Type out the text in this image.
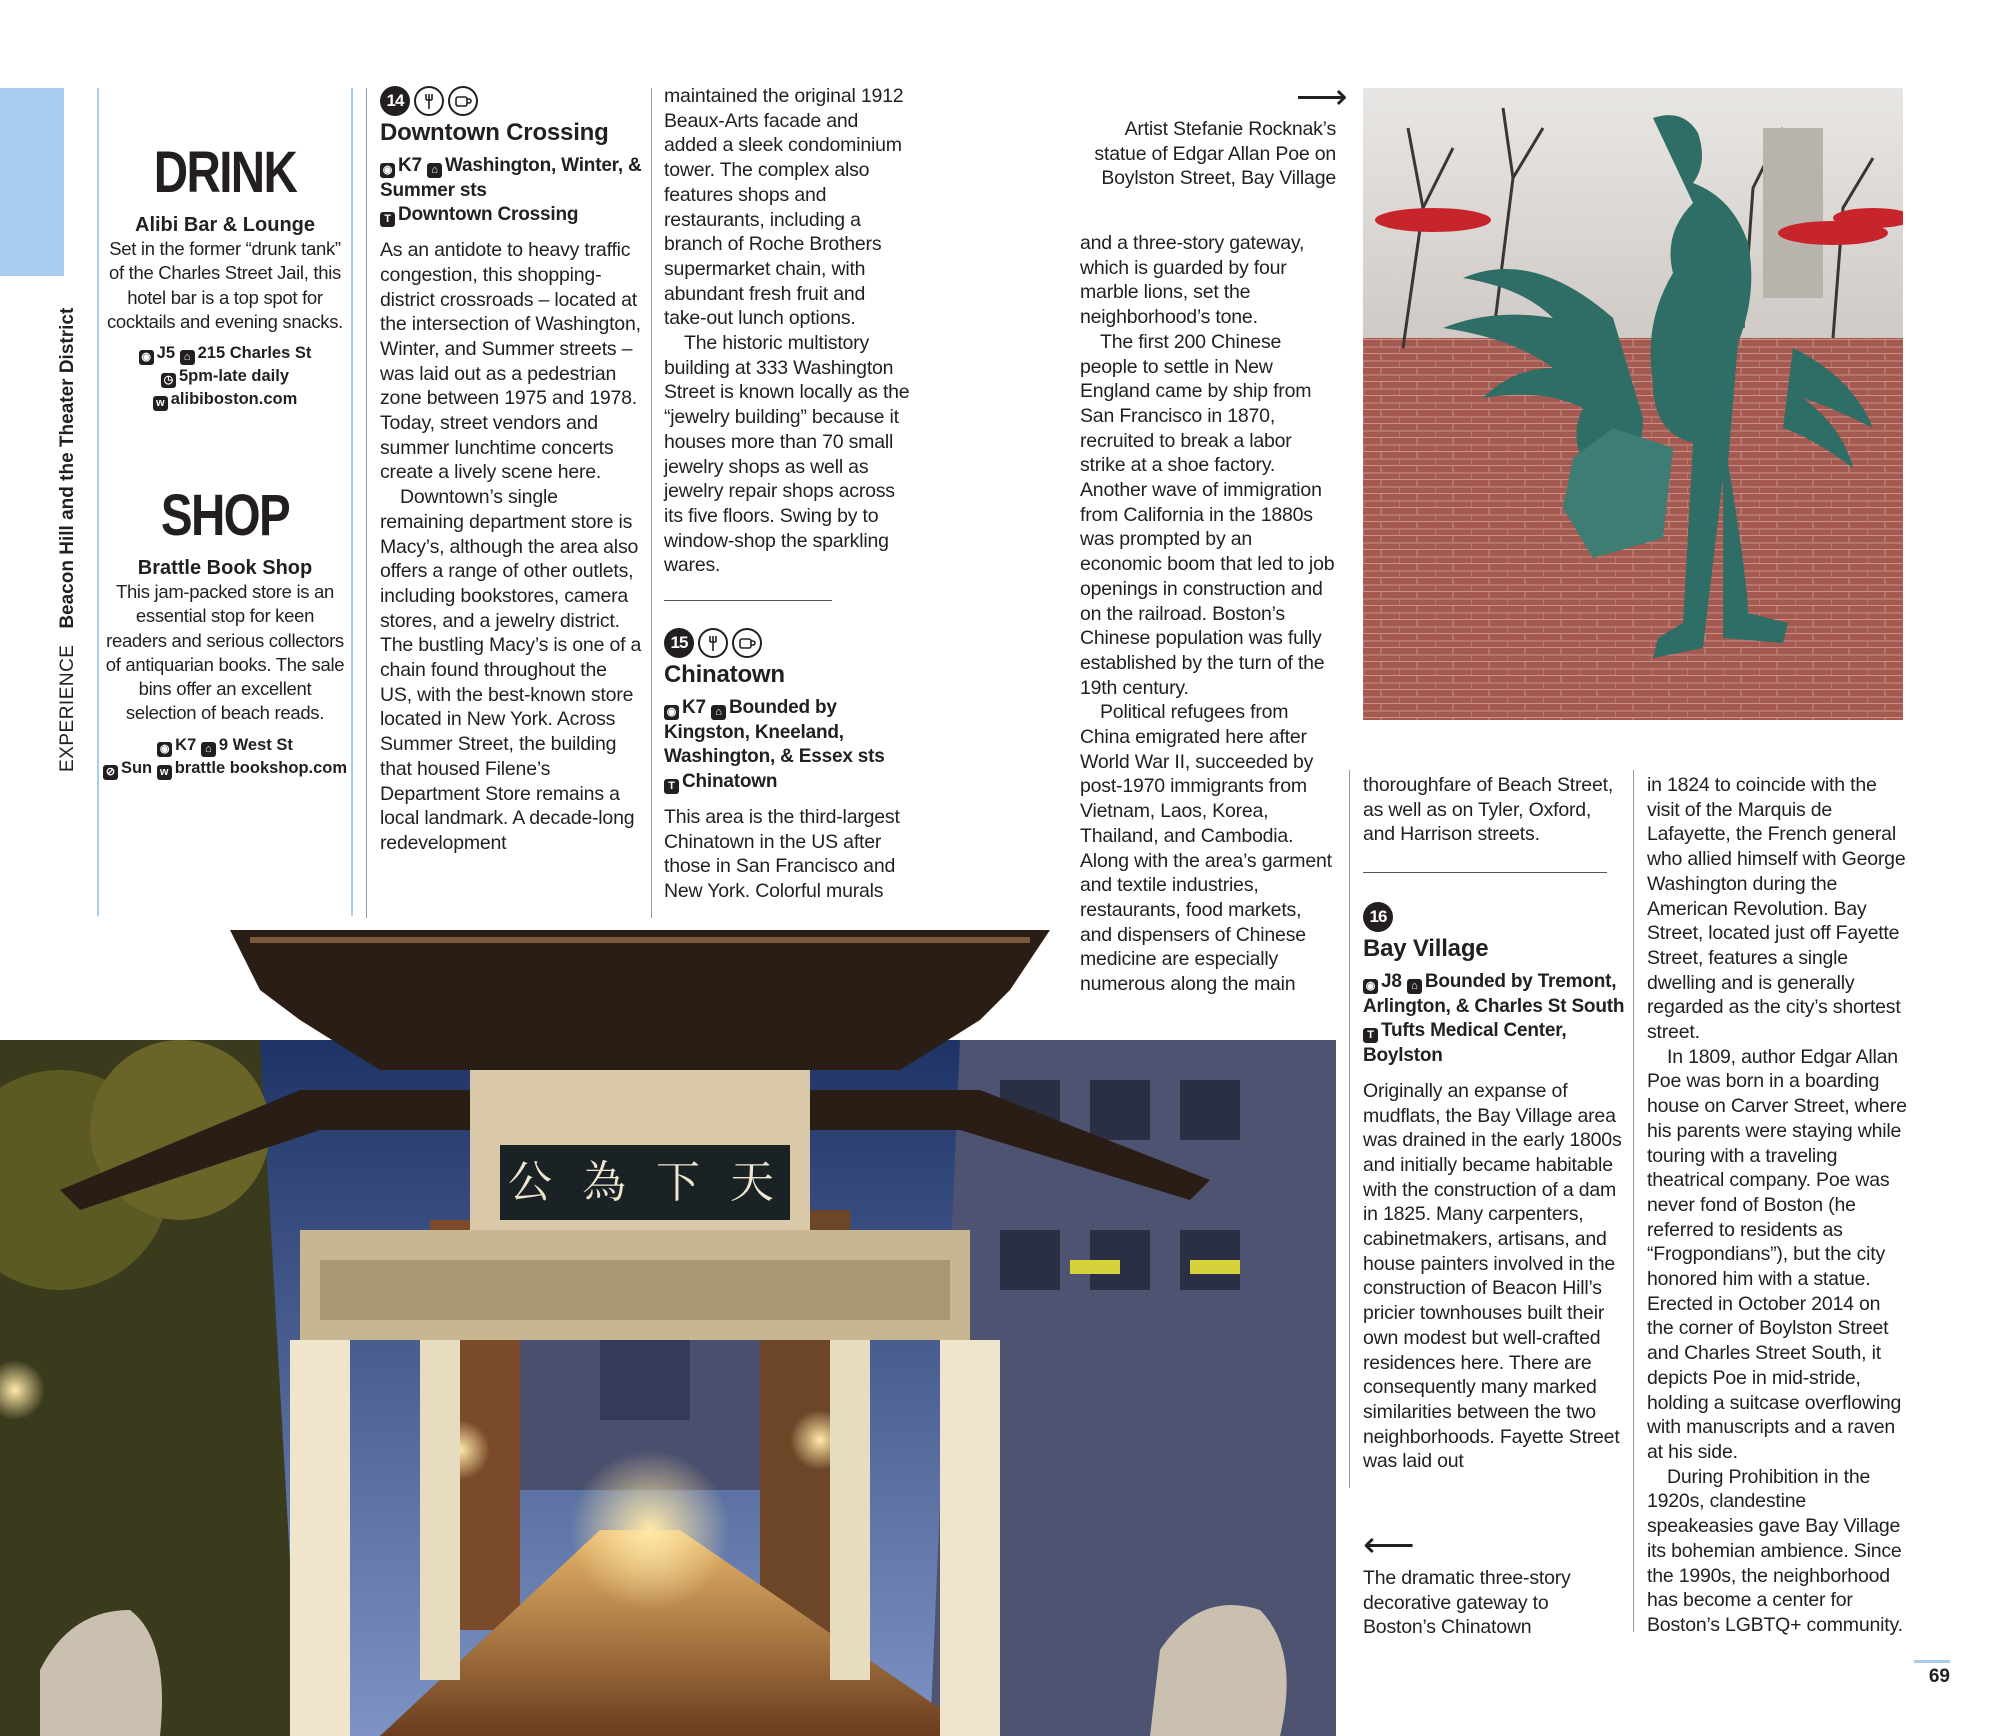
EXPERIENCE   Beacon Hill and the Theater District
DRINK
Alibi Bar & Lounge
Set in the former “drunk tank” of the Charles Street Jail, this hotel bar is a top spot for cocktails and evening snacks.
◉ J5 ⌂ 215 Charles St
◷ 5pm-late daily
w alibiboston.com
SHOP
Brattle Book Shop
This jam-packed store is an essential stop for keen readers and serious collectors of antiquarian books. The sale bins offer an excellent selection of beach reads.
◉ K7 ⌂ 9 West St
⊘ Sun w brattle bookshop.com
14
Downtown Crossing
◉ K7 ⌂ Washington, Winter, & Summer sts
T Downtown Crossing

As an antidote to heavy traffic congestion, this shopping-district crossroads – located at the intersection of Washington, Winter, and Summer streets – was laid out as a pedestrian zone between 1975 and 1978. Today, street vendors and summer lunchtime concerts create a lively scene here.

Downtown’s single remaining department store is Macy’s, although the area also offers a range of other outlets, including bookstores, camera stores, and a jewelry district. The bustling Macy’s is one of a chain found throughout the US, with the best-known store located in New York. Across Summer Street, the building that housed Filene’s Department Store remains a local landmark. A decade-long redevelopment

maintained the original 1912 Beaux-Arts facade and added a sleek condominium tower. The complex also features shops and restaurants, including a branch of Roche Brothers supermarket chain, with abundant fresh fruit and take-out lunch options.

The historic multistory building at 333 Washington Street is known locally as the “jewelry building” because it houses more than 70 small jewelry shops as well as jewelry repair shops across its five floors. Swing by to window-shop the sparkling wares.

15
Chinatown
◉ K7 ⌂ Bounded by Kingston, Kneeland, Washington, & Essex sts
T Chinatown

This area is the third-largest Chinatown in the US after those in San Francisco and New York. Colorful murals

⟶
Artist Stefanie Rocknak’s statue of Edgar Allan Poe on Boylston Street, Bay Village

and a three-story gateway, which is guarded by four marble lions, set the neighborhood’s tone.

The first 200 Chinese people to settle in New England came by ship from San Francisco in 1870, recruited to break a labor strike at a shoe factory. Another wave of immigration from California in the 1880s was prompted by an economic boom that led to job openings in construction and on the railroad. Boston’s Chinese population was fully established by the turn of the 19th century.

Political refugees from China emigrated here after World War II, succeeded by post-1970 immigrants from Vietnam, Laos, Korea, Thailand, and Cambodia. Along with the area’s garment and textile industries, restaurants, food markets, and dispensers of Chinese medicine are especially numerous along the main

thoroughfare of Beach Street, as well as on Tyler, Oxford, and Harrison streets.

16
Bay Village
◉ J8 ⌂ Bounded by Tremont, Arlington, & Charles St South T Tufts Medical Center, Boylston

Originally an expanse of mudflats, the Bay Village area was drained in the early 1800s and initially became habitable with the construction of a dam in 1825. Many carpenters, cabinetmakers, artisans, and house painters involved in the construction of Beacon Hill’s pricier townhouses built their own modest but well-crafted residences here. There are consequently many marked similarities between the two neighborhoods. Fayette Street was laid out

⟵
The dramatic three-story decorative gateway to Boston’s Chinatown

in 1824 to coincide with the visit of the Marquis de Lafayette, the French general who allied himself with George Washington during the American Revolution. Bay Street, located just off Fayette Street, features a single dwelling and is generally regarded as the city’s shortest street.

In 1809, author Edgar Allan Poe was born in a boarding house on Carver Street, where his parents were staying while touring with a traveling theatrical company. Poe was never fond of Boston (he referred to residents as “Frogpondians”), but the city honored him with a statue. Erected in October 2014 on the corner of Boylston Street and Charles Street South, it depicts Poe in mid-stride, holding a suitcase overflowing with manuscripts and a raven at his side.

During Prohibition in the 1920s, clandestine speakeasies gave Bay Village its bohemian ambience. Since the 1990s, the neighborhood has become a center for Boston’s LGBTQ+ community.

公 為 下 天
69
